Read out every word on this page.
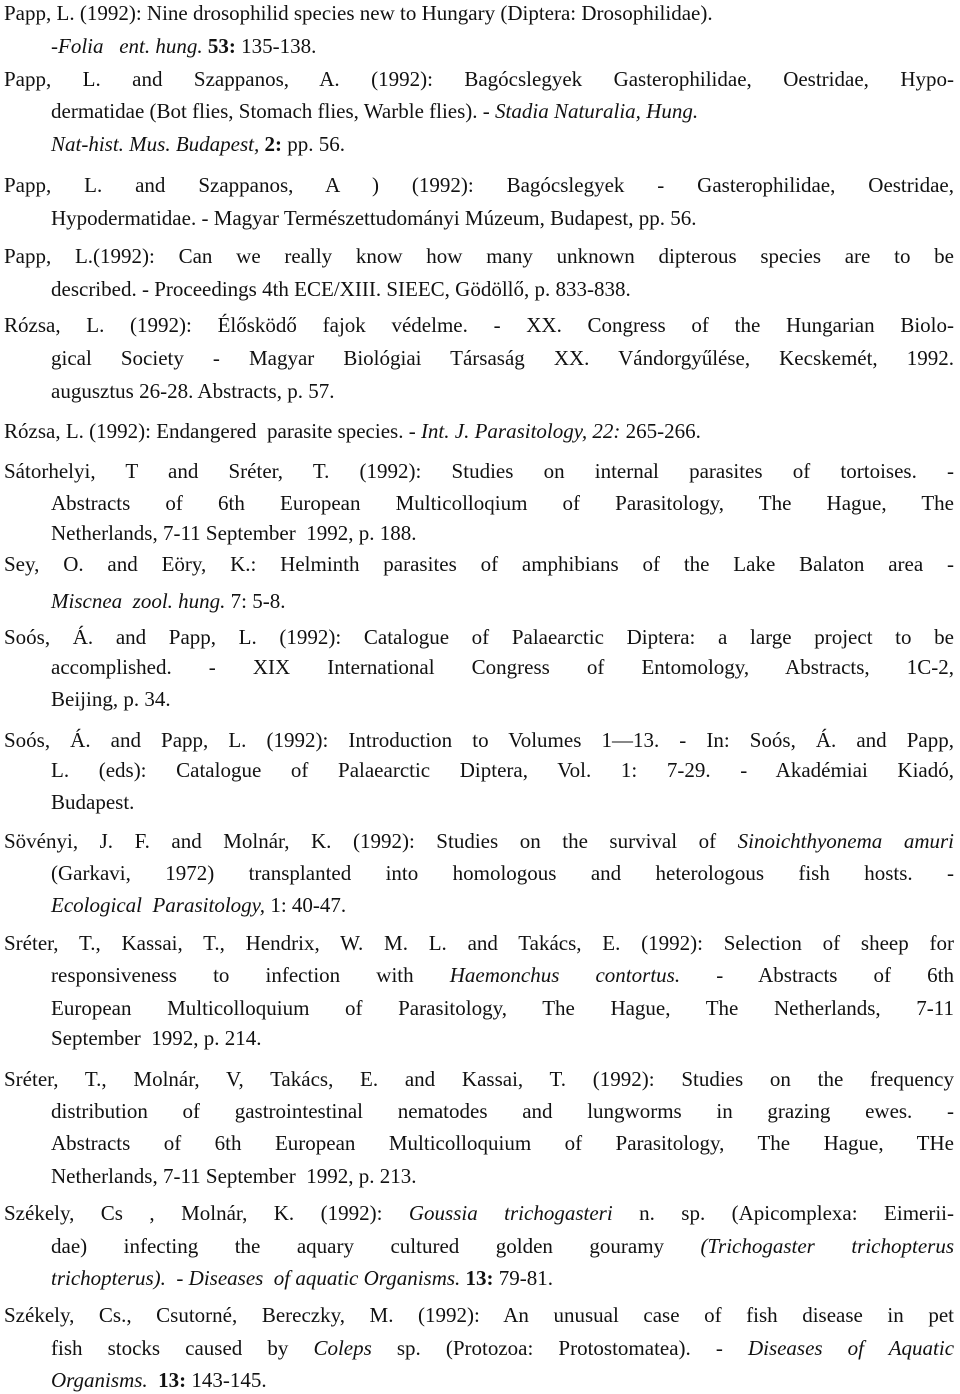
Papp, L. (1992): Nine drosophilid species new to Hungary (Diptera: Drosophilidae).
-Folia   ent. hung. 53: 135-138.
Papp, L. and Szappanos, A. (1992): Bagócslegyek Gasterophilidae, Oestridae, Hypo-
dermatidae (Bot flies, Stomach flies, Warble flies). - Stadia Naturalia, Hung.
Nat-hist. Mus. Budapest, 2: pp. 56.
Papp, L. and Szappanos, A ) (1992): Bagócslegyek - Gasterophilidae, Oestridae,
Hypodermatidae. - Magyar Természettudományi Múzeum, Budapest, pp. 56.
Papp, L.(1992): Can we really know how many unknown dipterous species are to be
described. - Proceedings 4th ECE/XIII. SIEEC, Gödöllő, p. 833-838.
Rózsa, L. (1992): Élősködő fajok védelme. - XX. Congress of the Hungarian Biolo-
gical Society - Magyar Biológiai Társaság XX. Vándorgyűlése, Kecskemét, 1992.
augusztus 26-28. Abstracts, p. 57.
Rózsa, L. (1992): Endangered  parasite species. - Int. J. Parasitology, 22: 265-266.
Sátorhelyi, T and Sréter, T. (1992): Studies on internal parasites of tortoises. -
Abstracts of 6th European Multicolloqium of Parasitology, The Hague, The
Netherlands, 7-11 September  1992, p. 188.
Sey, O. and Eöry, K.: Helminth parasites of amphibians of the Lake Balaton area -
Miscnea  zool. hung. 7: 5-8.
Soós, Á. and Papp, L. (1992): Catalogue of Palaearctic Diptera: a large project to be
accomplished. - XIX International Congress of Entomology, Abstracts, 1C-2,
Beijing, p. 34.
Soós, Á. and Papp, L. (1992): Introduction to Volumes 1—13. - In: Soós, Á. and Papp,
L. (eds): Catalogue of Palaearctic Diptera, Vol. 1: 7-29. - Akadémiai Kiadó,
Budapest.
Sövényi, J. F. and Molnár, K. (1992): Studies on the survival of Sinoichthyonema amuri
(Garkavi, 1972) transplanted into homologous and heterologous fish hosts. -
Ecological  Parasitology, 1: 40-47.
Sréter, T., Kassai, T., Hendrix, W. M. L. and Takács, E. (1992): Selection of sheep for
responsiveness to infection with Haemonchus contortus. - Abstracts of 6th
European Multicolloquium of Parasitology, The Hague, The Netherlands, 7-11
September  1992, p. 214.
Sréter, T., Molnár, V, Takács, E. and Kassai, T. (1992): Studies on the frequency
distribution of gastrointestinal nematodes and lungworms in grazing ewes. -
Abstracts of 6th European Multicolloquium of Parasitology, The Hague, THe
Netherlands, 7-11 September  1992, p. 213.
Székely, Cs , Molnár, K. (1992): Goussia trichogasteri n. sp. (Apicomplexa: Eimerii-
dae) infecting the aquary cultured golden gouramy (Trichogaster trichopterus
trichopterus).  - Diseases  of aquatic Organisms. 13: 79-81.
Székely, Cs., Csutorné, Bereczky, M. (1992): An unusual case of fish disease in pet
fish stocks caused by Coleps sp. (Protozoa: Protostomatea). - Diseases of Aquatic
Organisms. 13: 143-145.
